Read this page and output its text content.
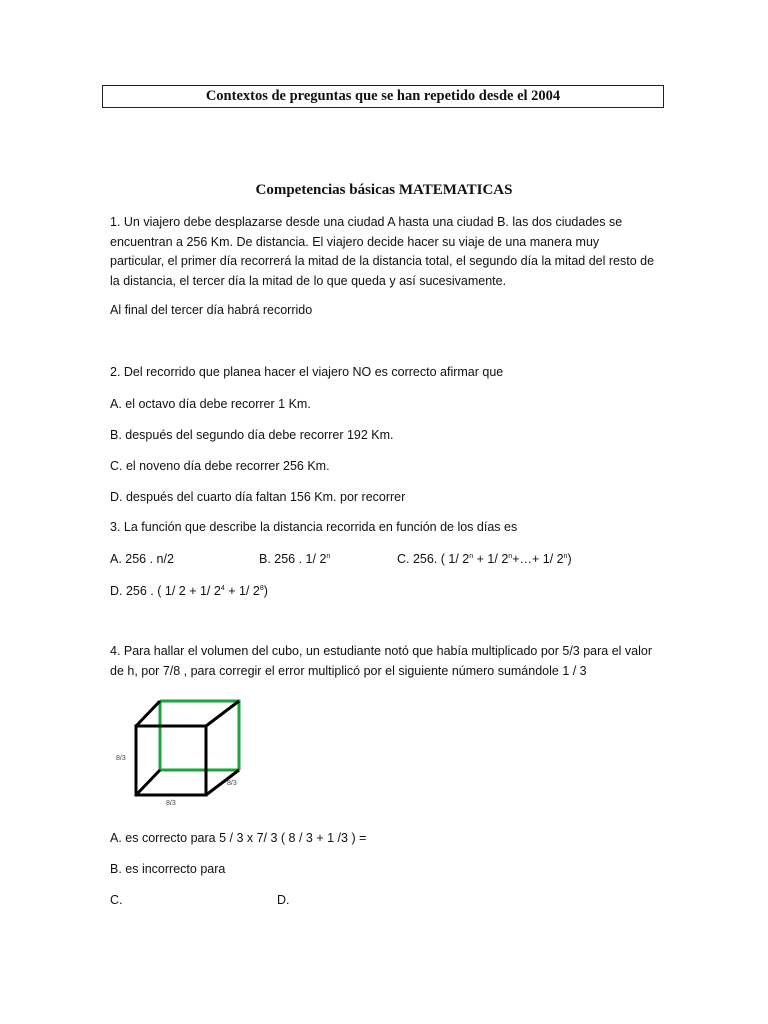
Contextos de preguntas que se han repetido desde el 2004
Competencias básicas MATEMATICAS
1. Un viajero debe desplazarse desde una ciudad A hasta una ciudad B. las dos ciudades se encuentran a 256 Km. De distancia. El viajero decide hacer su viaje de una manera muy particular, el primer día recorrerá la mitad de la distancia total, el segundo día la mitad del resto de la distancia, el tercer día la mitad de lo que queda y así sucesivamente.
Al final del tercer día habrá recorrido
2. Del recorrido que planea hacer el viajero NO es correcto afirmar que
A. el octavo día debe recorrer 1 Km.
B. después del segundo día debe recorrer 192 Km.
C. el noveno día debe recorrer 256 Km.
D. después del cuarto día faltan 156 Km. por recorrer
3. La función que describe la distancia recorrida en función de los días es
A. 256 . n/2	B. 256 . 1/ 2$^n$	C. 256. ( 1/ $2^n + 1/$ $2^n+\dots+ 1/$ 2$^n$)
D. 256 . ( 1/ 2 + 1/ $2^4 + 1/$ $2^8$)
4. Para hallar el volumen del cubo, un estudiante notó que había multiplicado por 5/3 para el valor de h, por 7/8 , para corregir el error multiplicó por el siguiente número sumándole 1 / 3
8/3
8/3
8/3
A. es correcto para 5 / 3 x 7/ 3 ( 8 / 3 + 1 /3 ) =
B. es incorrecto para
C.	D.
